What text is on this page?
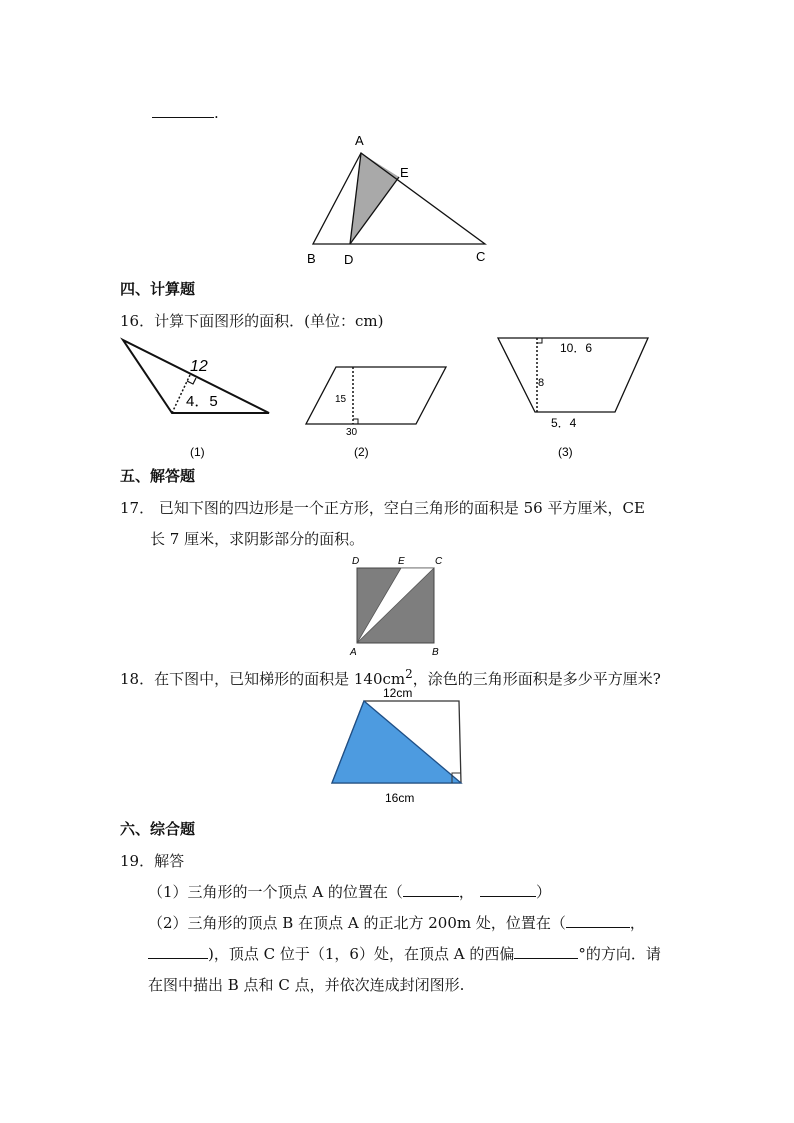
.
A
E
B D	C
四、计算题
16．计算下面图形的面积．(单位：cm)
12
4．5
(1)
15
30
(2)
10．6
8
5．4
(3)
五、解答题
17． 已知下图的四边形是一个正方形，空白三角形的面积是 56 平方厘米，CE
长 7 厘米，求阴影部分的面积。
D	E	C
A	B
18．在下图中，已知梯形的面积是 $140cm^2$，涂色的三角形面积是多少平方厘米?
12cm
16cm
六、综合题
19．解答
（1）三角形的一个顶点 A 的位置在（	，	）
（2）三角形的顶点 B 在顶点 A 的正北方 200m 处，位置在（	，
)，顶点 C 位于（1，6）处，在顶点 A 的西偏	°的方向．请
在图中描出 B 点和 C 点，并依次连成封闭图形.
